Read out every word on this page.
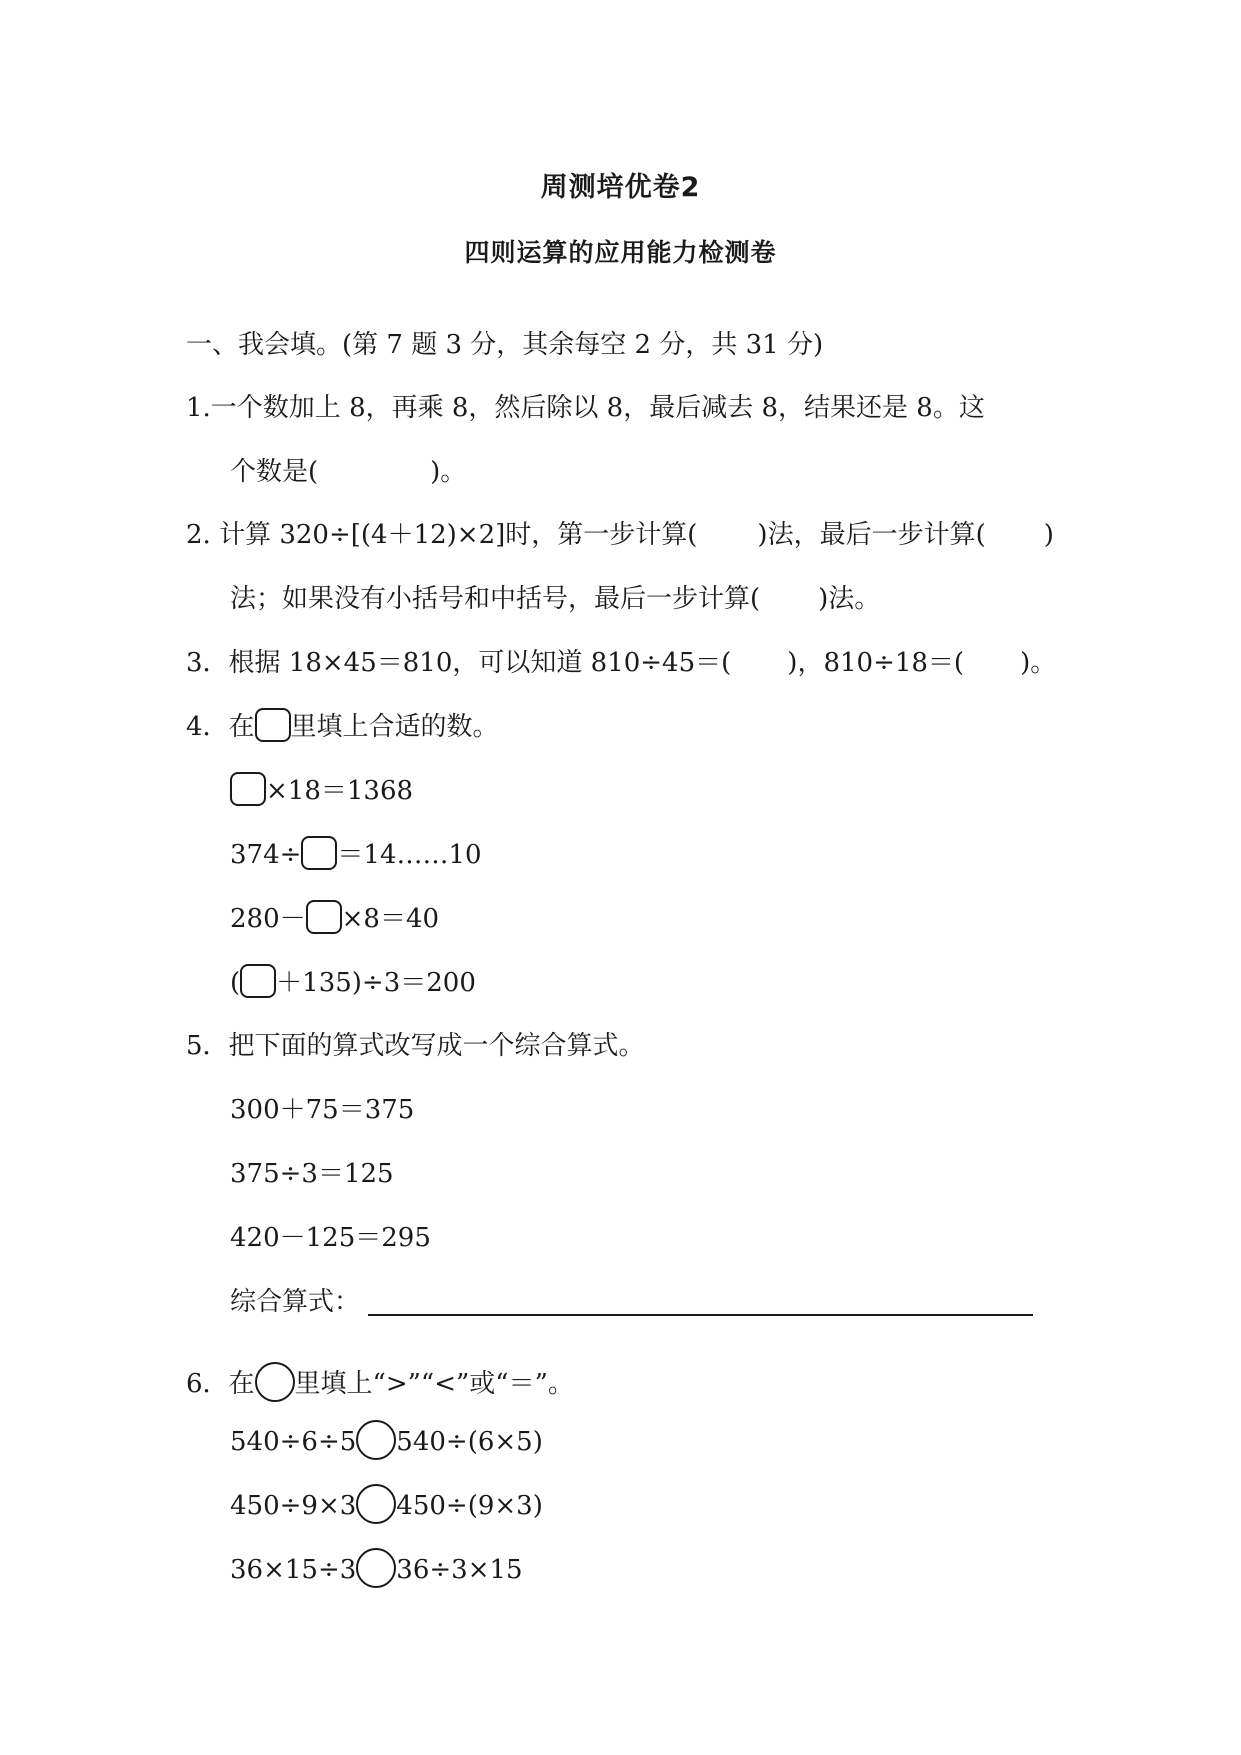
周测培优卷2
四则运算的应用能力检测卷
一、我会填。(第 7 题 3 分，其余每空 2 分，共 31 分)
1.一个数加上 8，再乘 8，然后除以 8，最后减去 8，结果还是 8。这
个数是(	)。
2. 计算 320÷[(4＋12)×2]时，第一步计算( )法，最后一步计算( )
法；如果没有小括号和中括号，最后一步计算( )法。
3．根据 18×45＝810，可以知道 810÷45＝( )，810÷18＝( )。
4．在 里填上合适的数。
×18＝1368
374÷ ＝14……10
280－ ×8＝40
( ＋135)÷3＝200
5．把下面的算式改写成一个综合算式。
300＋75＝375
375÷3＝125
420－125＝295
综合算式：
6．在 里填上“>”“<”或“＝”。
540÷6÷5 540÷(6×5)
450÷9×3 450÷(9×3)
36×15÷3 36÷3×15
